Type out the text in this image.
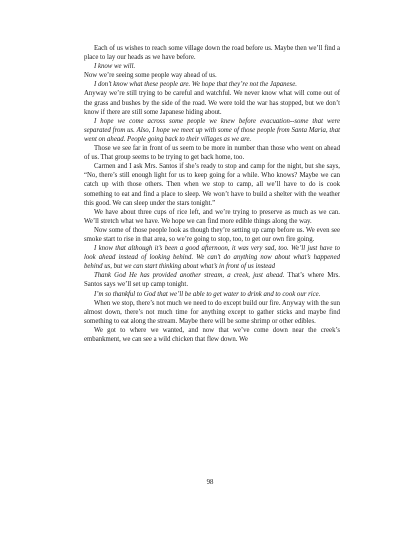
Each of us wishes to reach some village down the road before us. Maybe then we’ll find a place to lay our heads as we have before.

I know we will.

Now we’re seeing some people way ahead of us.

I don’t know what these people are. We hope that they’re not the Japanese.

Anyway we’re still trying to be careful and watchful. We never know what will come out of the grass and bushes by the side of the road. We were told the war has stopped, but we don’t know if there are still some Japanese hiding about.

I hope we come across some people we knew before evacuation--some that were separated from us. Also, I hope we meet up with some of those people from Santa Maria, that went on ahead. People going back to their villages as we are.

Those we see far in front of us seem to be more in number than those who went on ahead of us. That group seems to be trying to get back home, too.

Carmen and I ask Mrs. Santos if she’s ready to stop and camp for the night, but she says, “No, there’s still enough light for us to keep going for a while. Who knows? Maybe we can catch up with those others. Then when we stop to camp, all we’ll have to do is cook something to eat and find a place to sleep. We won’t have to build a shelter with the weather this good. We can sleep under the stars tonight.”

We have about three cups of rice left, and we’re trying to preserve as much as we can. We’ll stretch what we have. We hope we can find more edible things along the way.

Now some of those people look as though they’re setting up camp before us. We even see smoke start to rise in that area, so we’re going to stop, too, to get our own fire going.

I know that although it’s been a good afternoon, it was very sad, too. We’ll just have to look ahead instead of looking behind. We can’t do anything now about what’s happened behind us, but we can start thinking about what’s in front of us instead

Thank God He has provided another stream, a creek, just ahead. That’s where Mrs. Santos says we’ll set up camp tonight.

I’m so thankful to God that we’ll be able to get water to drink and to cook our rice.

When we stop, there’s not much we need to do except build our fire. Anyway with the sun almost down, there’s not much time for anything except to gather sticks and maybe find something to eat along the stream. Maybe there will be some shrimp or other edibles.

We got to where we wanted, and now that we’ve come down near the creek’s embankment, we can see a wild chicken that flew down. We

98
